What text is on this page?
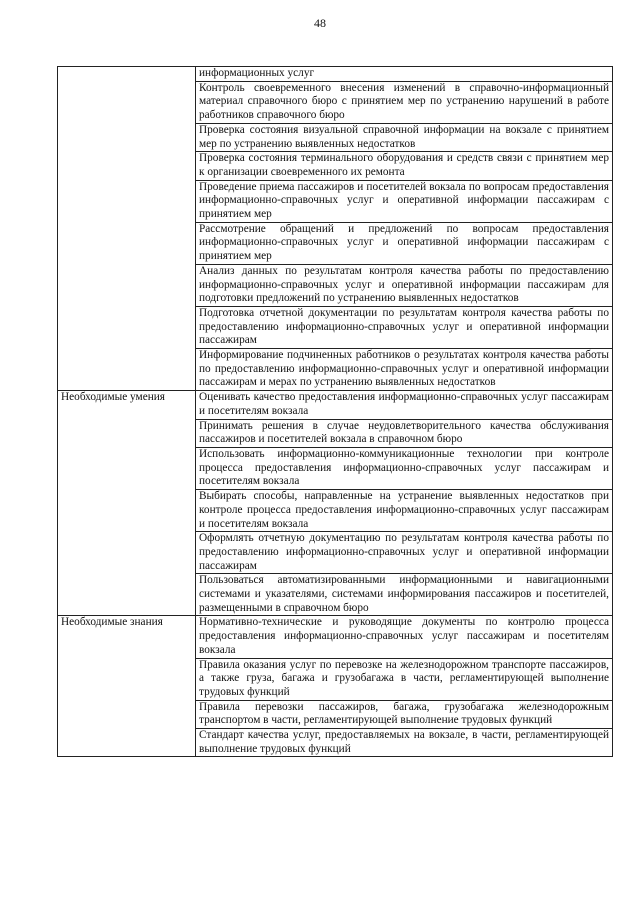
48
	информационных услуг
	Контроль своевременного внесения изменений в справочно-информационный материал справочного бюро с принятием мер по устранению нарушений в работе работников справочного бюро
	Проверка состояния визуальной справочной информации на вокзале с принятием мер по устранению выявленных недостатков
	Проверка состояния терминального оборудования и средств связи с принятием мер к организации своевременного их ремонта
	Проведение приема пассажиров и посетителей вокзала по вопросам предоставления информационно-справочных услуг и оперативной информации пассажирам с принятием мер
	Рассмотрение обращений и предложений по вопросам предоставления информационно-справочных услуг и оперативной информации пассажирам с принятием мер
	Анализ данных по результатам контроля качества работы по предоставлению информационно-справочных услуг и оперативной информации пассажирам для подготовки предложений по устранению выявленных недостатков
	Подготовка отчетной документации по результатам контроля качества работы по предоставлению информационно-справочных услуг и оперативной информации пассажирам
	Информирование подчиненных работников о результатах контроля качества работы по предоставлению информационно-справочных услуг и оперативной информации пассажирам и мерах по устранению выявленных недостатков
Необходимые умения	Оценивать качество предоставления информационно-справочных услуг пассажирам и посетителям вокзала
	Принимать решения в случае неудовлетворительного качества обслуживания пассажиров и посетителей вокзала в справочном бюро
	Использовать информационно-коммуникационные технологии при контроле процесса предоставления информационно-справочных услуг пассажирам и посетителям вокзала
	Выбирать способы, направленные на устранение выявленных недостатков при контроле процесса предоставления информационно-справочных услуг пассажирам и посетителям вокзала
	Оформлять отчетную документацию по результатам контроля качества работы по предоставлению информационно-справочных услуг и оперативной информации пассажирам
	Пользоваться автоматизированными информационными и навигационными системами и указателями, системами информирования пассажиров и посетителей, размещенными в справочном бюро
Необходимые знания	Нормативно-технические и руководящие документы по контролю процесса предоставления информационно-справочных услуг пассажирам и посетителям вокзала
	Правила оказания услуг по перевозке на железнодорожном транспорте пассажиров, а также груза, багажа и грузобагажа в части, регламентирующей выполнение трудовых функций
	Правила перевозки пассажиров, багажа, грузобагажа железнодорожным транспортом в части, регламентирующей выполнение трудовых функций
	Стандарт качества услуг, предоставляемых на вокзале, в части, регламентирующей выполнение трудовых функций
